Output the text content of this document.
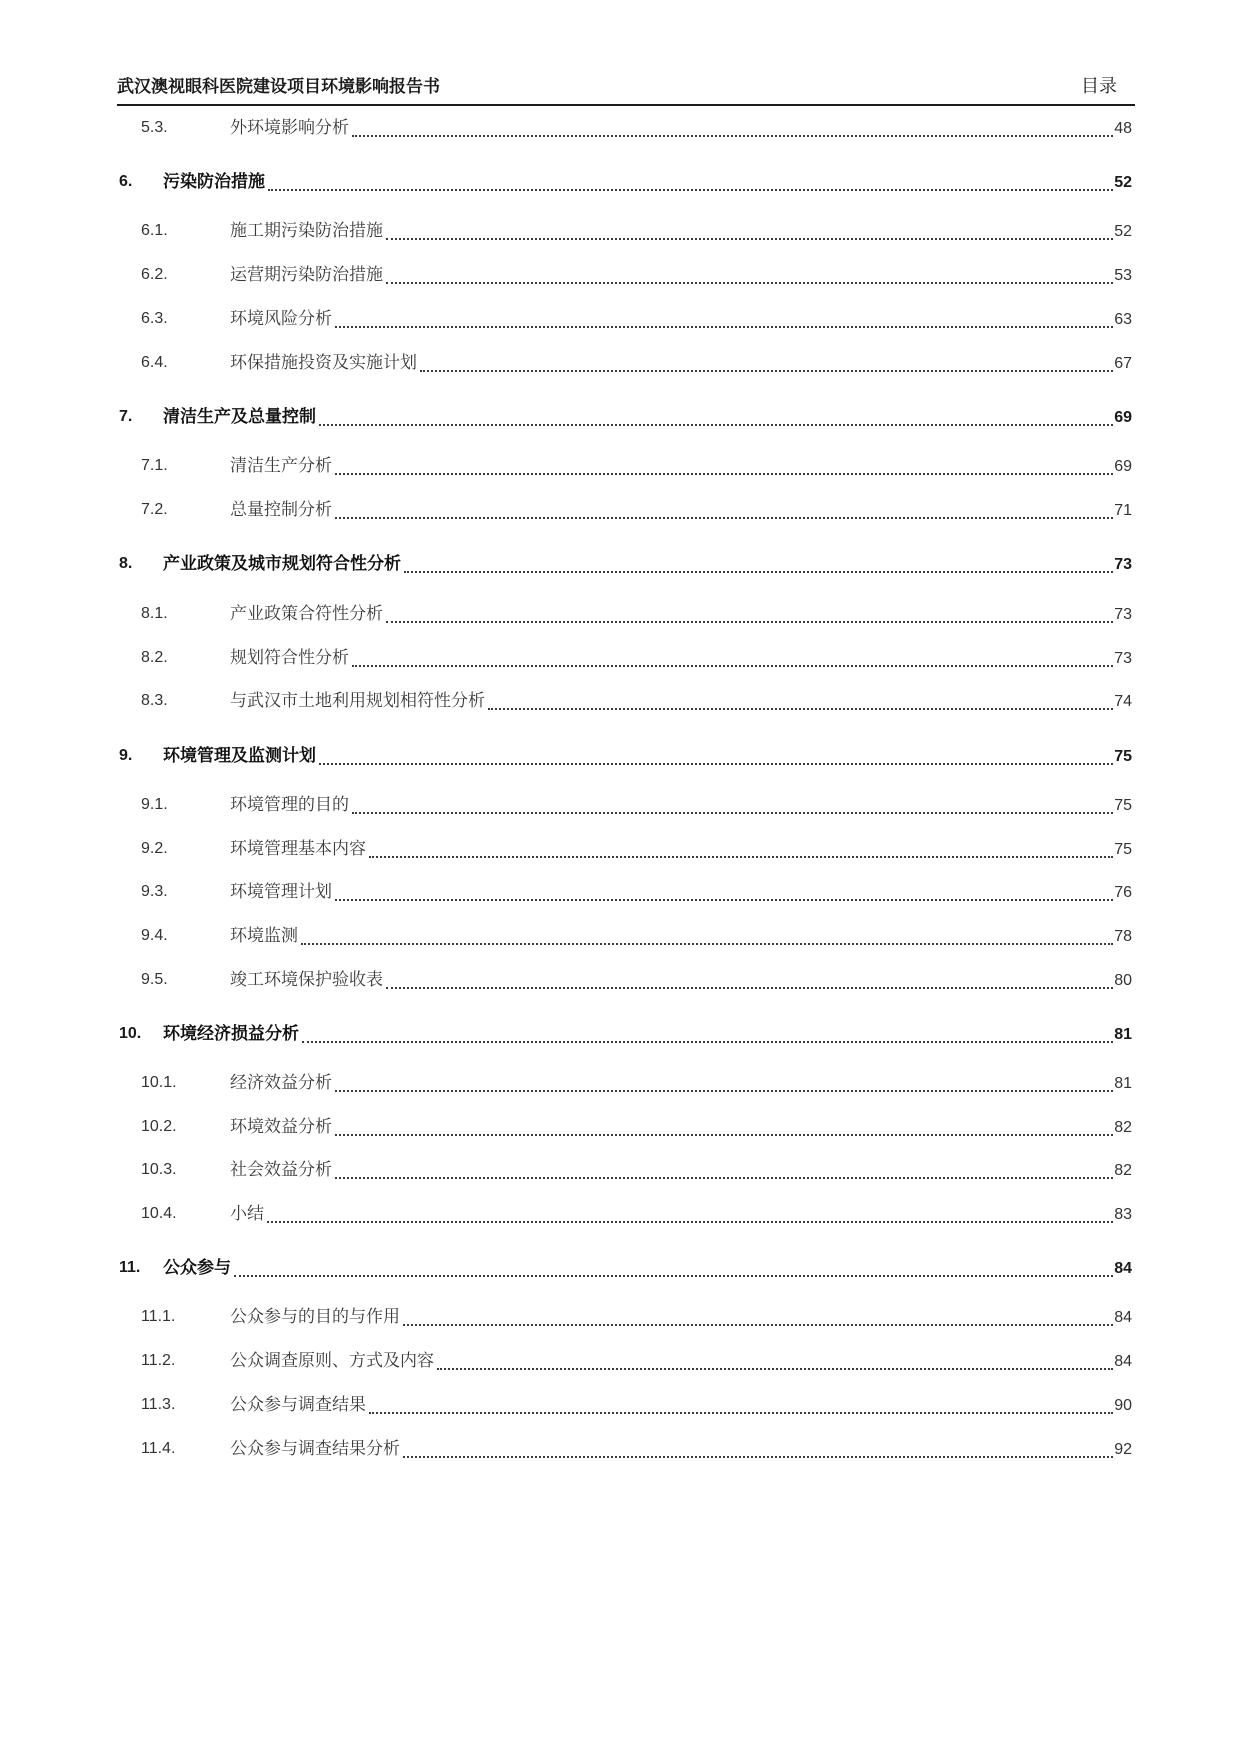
武汉澳视眼科医院建设项目环境影响报告书	目录
5.3.	外环境影响分析	48
6. 污染防治措施	52
6.1.	施工期污染防治措施	52
6.2.	运营期污染防治措施	53
6.3.	环境风险分析	63
6.4.	环保措施投资及实施计划	67
7. 清洁生产及总量控制	69
7.1.	清洁生产分析	69
7.2.	总量控制分析	71
8. 产业政策及城市规划符合性分析	73
8.1.	产业政策合符性分析	73
8.2.	规划符合性分析	73
8.3.	与武汉市土地利用规划相符性分析	74
9. 环境管理及监测计划	75
9.1.	环境管理的目的	75
9.2.	环境管理基本内容	75
9.3.	环境管理计划	76
9.4.	环境监测	78
9.5.	竣工环境保护验收表	80
10. 环境经济损益分析	81
10.1.	经济效益分析	81
10.2.	环境效益分析	82
10.3.	社会效益分析	82
10.4.	小结	83
11. 公众参与	84
11.1.	公众参与的目的与作用	84
11.2.	公众调查原则、方式及内容	84
11.3.	公众参与调查结果	90
11.4.	公众参与调查结果分析	92
